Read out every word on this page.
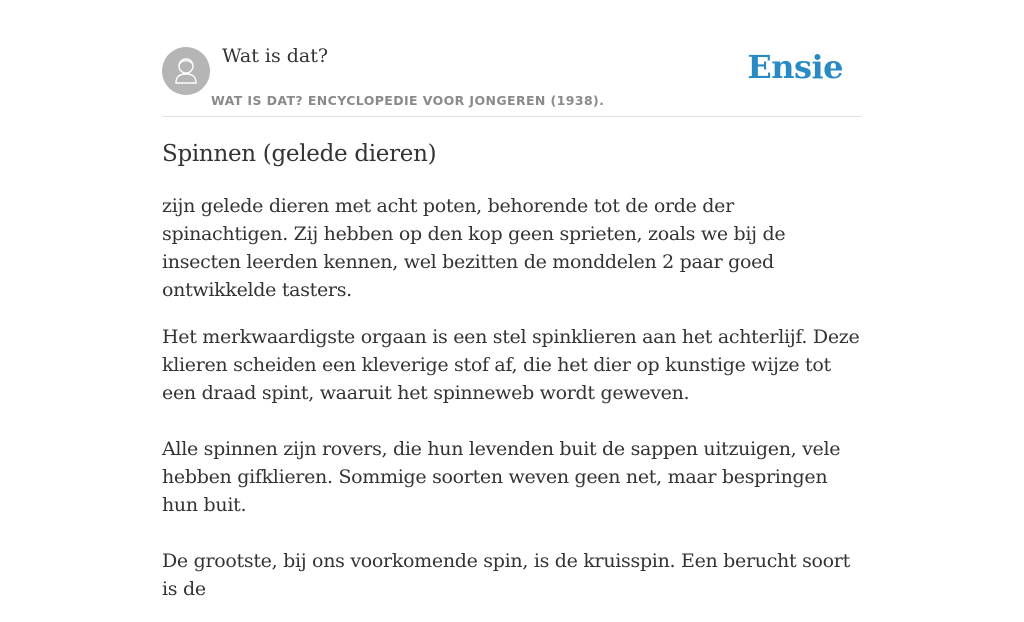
Wat is dat?
WAT IS DAT? ENCYCLOPEDIE VOOR JONGEREN (1938).
Ensie
Spinnen (gelede dieren)

zijn gelede dieren met acht poten, behorende tot de orde der spinachtigen. Zij hebben op den kop geen sprieten, zoals we bij de insecten leerden kennen, wel bezitten de monddelen 2 paar goed ontwikkelde tasters.

Het merkwaardigste orgaan is een stel spinklieren aan het achterlijf. Deze klieren scheiden een kleverige stof af, die het dier op kunstige wijze tot een draad spint, waaruit het spinneweb wordt geweven.

Alle spinnen zijn rovers, die hun levenden buit de sappen uitzuigen, vele hebben gifklieren. Sommige soorten weven geen net, maar bespringen hun buit.

De grootste, bij ons voorkomende spin, is de kruisspin. Een berucht soort is de
